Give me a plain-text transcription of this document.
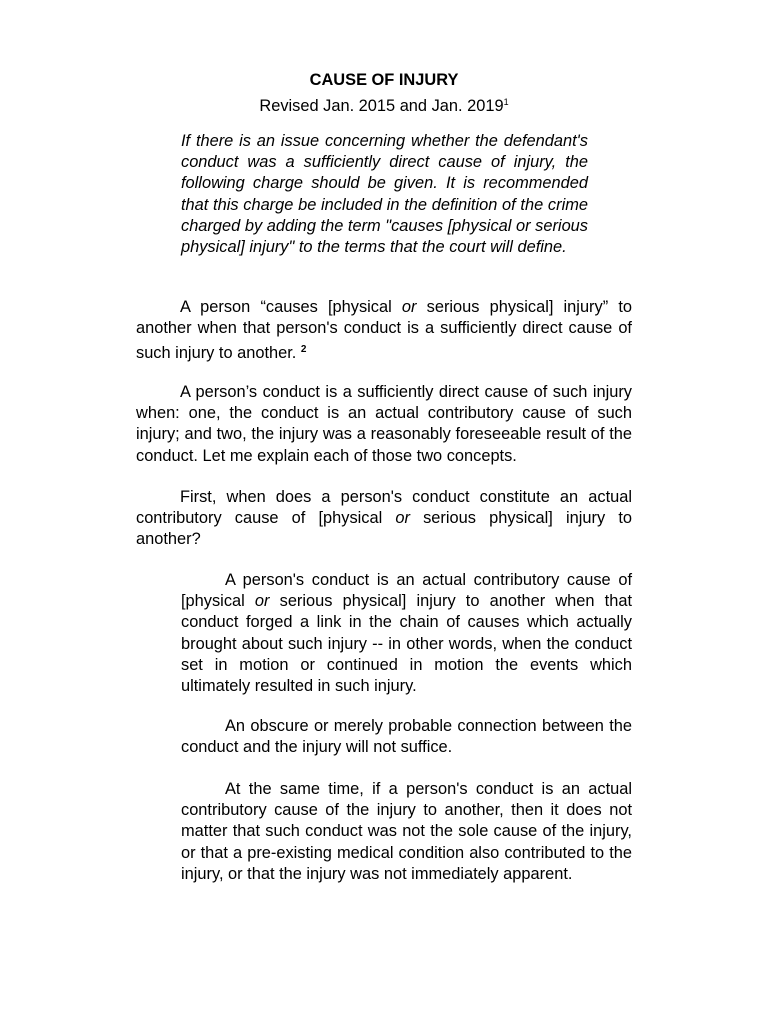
CAUSE OF INJURY
Revised Jan. 2015 and Jan. 2019$^1$

If there is an issue concerning whether the defendant's conduct was a sufficiently direct cause of injury, the following charge should be given. It is recommended that this charge be included in the definition of the crime charged by adding the term "causes [physical or serious physical] injury" to the terms that the court will define.

A person “causes [physical or serious physical] injury” to another when that person's conduct is a sufficiently direct cause of such injury to another. $^2$

A person’s conduct is a sufficiently direct cause of such injury when: one, the conduct is an actual contributory cause of such injury; and two, the injury was a reasonably foreseeable result of the conduct. Let me explain each of those two concepts.

First, when does a person's conduct constitute an actual contributory cause of [physical or serious physical] injury to another?

A person's conduct is an actual contributory cause of [physical or serious physical] injury to another when that conduct forged a link in the chain of causes which actually brought about such injury -- in other words, when the conduct set in motion or continued in motion the events which ultimately resulted in such injury.

An obscure or merely probable connection between the conduct and the injury will not suffice.

At the same time, if a person's conduct is an actual contributory cause of the injury to another, then it does not matter that such conduct was not the sole cause of the injury, or that a pre-existing medical condition also contributed to the injury, or that the injury was not immediately apparent.
